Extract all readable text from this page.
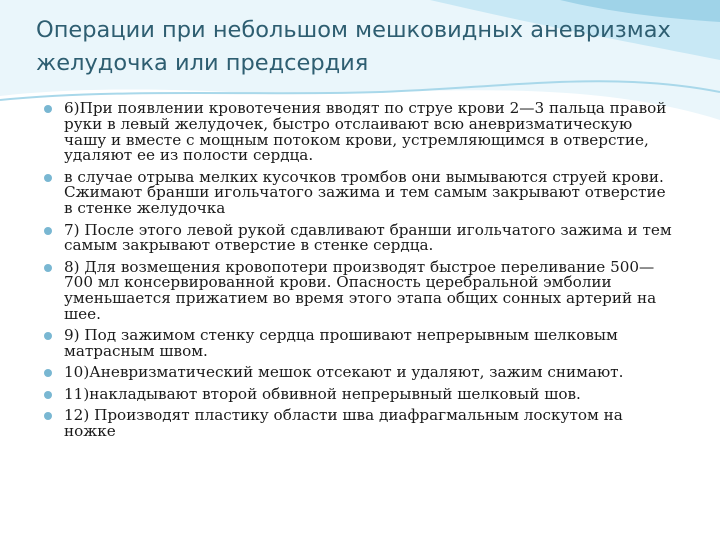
Операции при небольшом мешковидных аневризмах желудочка или предсердия
6)При появлении кровотечения вводят по струе крови 2—3 пальца правой руки в левый желудочек, быстро отслаивают всю аневризматическую чашу и вместе с мощным потоком крови, устремляющимся в отверстие, удаляют ее из полости сердца.
в случае отрыва мелких кусочков тромбов они вымываются струей крови. Сжимают бранши игольчатого зажима и тем самым закрывают отверстие в стенке желудочка
7) После этого левой рукой сдавливают бранши игольчатого зажима и тем самым закрывают отверстие в стенке сердца.
8) Для возмещения кровопотери производят быстрое переливание 500—700 мл консервированной крови. Опасность церебральной эмболии уменьшается прижатием во время этого этапа общих сонных артерий на шее.
9) Под зажимом стенку сердца прошивают непрерывным шелковым матрасным швом.
10)Аневризматический мешок отсекают и удаляют, зажим снимают.
11)накладывают второй обвивной непрерывный шелковый шов.
12) Производят пластику области шва диафрагмальным лоскутом на ножке
